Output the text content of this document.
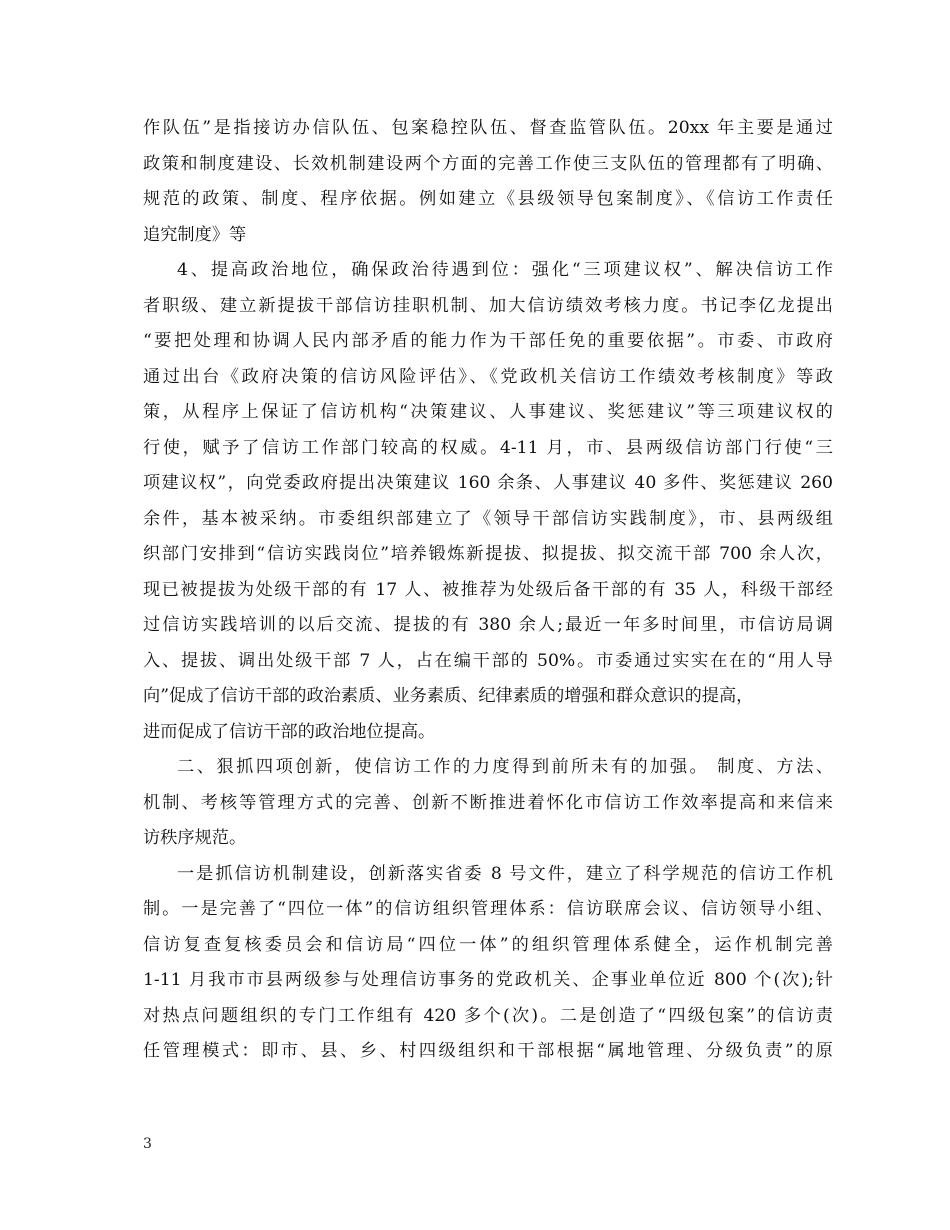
作队伍”是指接访办信队伍、包案稳控队伍、督查监管队伍。20xx 年主要是通过
政策和制度建设、长效机制建设两个方面的完善工作使三支队伍的管理都有了明确、
规范的政策、制度、程序依据。例如建立《县级领导包案制度》、《信访工作责任
追究制度》等
4、提高政治地位，确保政治待遇到位：强化“三项建议权”、解决信访工作
者职级、建立新提拔干部信访挂职机制、加大信访绩效考核力度。书记李亿龙提出
“要把处理和协调人民内部矛盾的能力作为干部任免的重要依据”。市委、市政府
通过出台《政府决策的信访风险评估》、《党政机关信访工作绩效考核制度》等政
策，从程序上保证了信访机构“决策建议、人事建议、奖惩建议”等三项建议权的
行使，赋予了信访工作部门较高的权威。4-11 月，市、县两级信访部门行使“三
项建议权”，向党委政府提出决策建议 160 余条、人事建议 40 多件、奖惩建议 260
余件，基本被采纳。市委组织部建立了《领导干部信访实践制度》，市、县两级组
织部门安排到“信访实践岗位”培养锻炼新提拔、拟提拔、拟交流干部 700 余人次，
现已被提拔为处级干部的有 17 人、被推荐为处级后备干部的有 35 人，科级干部经
过信访实践培训的以后交流、提拔的有 380 余人;最近一年多时间里，市信访局调
入、提拔、调出处级干部 7 人，占在编干部的 50%。市委通过实实在在的“用人导
向”促成了信访干部的政治素质、业务素质、纪律素质的增强和群众意识的提高，
进而促成了信访干部的政治地位提高。
二、狠抓四项创新，使信访工作的力度得到前所未有的加强。 制度、方法、
机制、考核等管理方式的完善、创新不断推进着怀化市信访工作效率提高和来信来
访秩序规范。
一是抓信访机制建设，创新落实省委 8 号文件，建立了科学规范的信访工作机
制。一是完善了“四位一体”的信访组织管理体系：信访联席会议、信访领导小组、
信访复查复核委员会和信访局“四位一体”的组织管理体系健全，运作机制完善
1-11 月我市市县两级参与处理信访事务的党政机关、企事业单位近 800 个(次);针
对热点问题组织的专门工作组有 420 多个(次)。二是创造了“四级包案”的信访责
任管理模式：即市、县、乡、村四级组织和干部根据“属地管理、分级负责”的原
3
